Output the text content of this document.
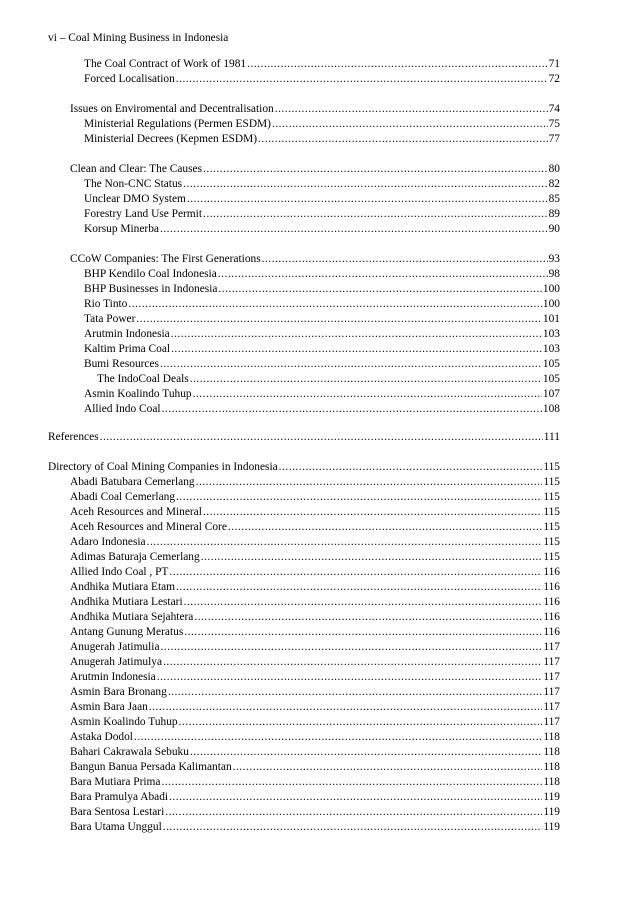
vi – Coal Mining Business in Indonesia
The Coal Contract of Work of 1981 .....	71
Forced Localisation .....	72
Issues on Enviromental and Decentralisation .....	74
Ministerial Regulations (Permen ESDM) .....	75
Ministerial Decrees (Kepmen ESDM) .....	77
Clean and Clear: The Causes .....	80
The Non-CNC Status .....	82
Unclear DMO System .....	85
Forestry Land Use Permit .....	89
Korsup Minerba .....	90
CCoW Companies: The First Generations .....	93
BHP Kendilo Coal Indonesia .....	98
BHP Businesses in Indonesia .....	100
Rio Tinto .....	100
Tata Power .....	101
Arutmin Indonesia .....	103
Kaltim Prima Coal .....	103
Bumi Resources .....	105
The IndoCoal Deals .....	105
Asmin Koalindo Tuhup .....	107
Allied Indo Coal .....	108
References .....	111
Directory of Coal Mining Companies in Indonesia .....	115
Abadi Batubara Cemerlang .....	115
Abadi Coal Cemerlang .....	115
Aceh Resources and Mineral .....	115
Aceh Resources and Mineral Core .....	115
Adaro Indonesia .....	115
Adimas Baturaja Cemerlang .....	115
Allied Indo Coal , PT .....	116
Andhika Mutiara Etam .....	116
Andhika Mutiara Lestari .....	116
Andhika Mutiara Sejahtera .....	116
Antang Gunung Meratus .....	116
Anugerah Jatimulia .....	117
Anugerah Jatimulya .....	117
Arutmin Indonesia .....	117
Asmin Bara Bronang .....	117
Asmin Bara Jaan .....	117
Asmin Koalindo Tuhup .....	117
Astaka Dodol .....	118
Bahari Cakrawala Sebuku .....	118
Bangun Banua Persada Kalimantan .....	118
Bara Mutiara Prima .....	118
Bara Pramulya Abadi .....	119
Bara Sentosa Lestari .....	119
Bara Utama Unggul .....	119
